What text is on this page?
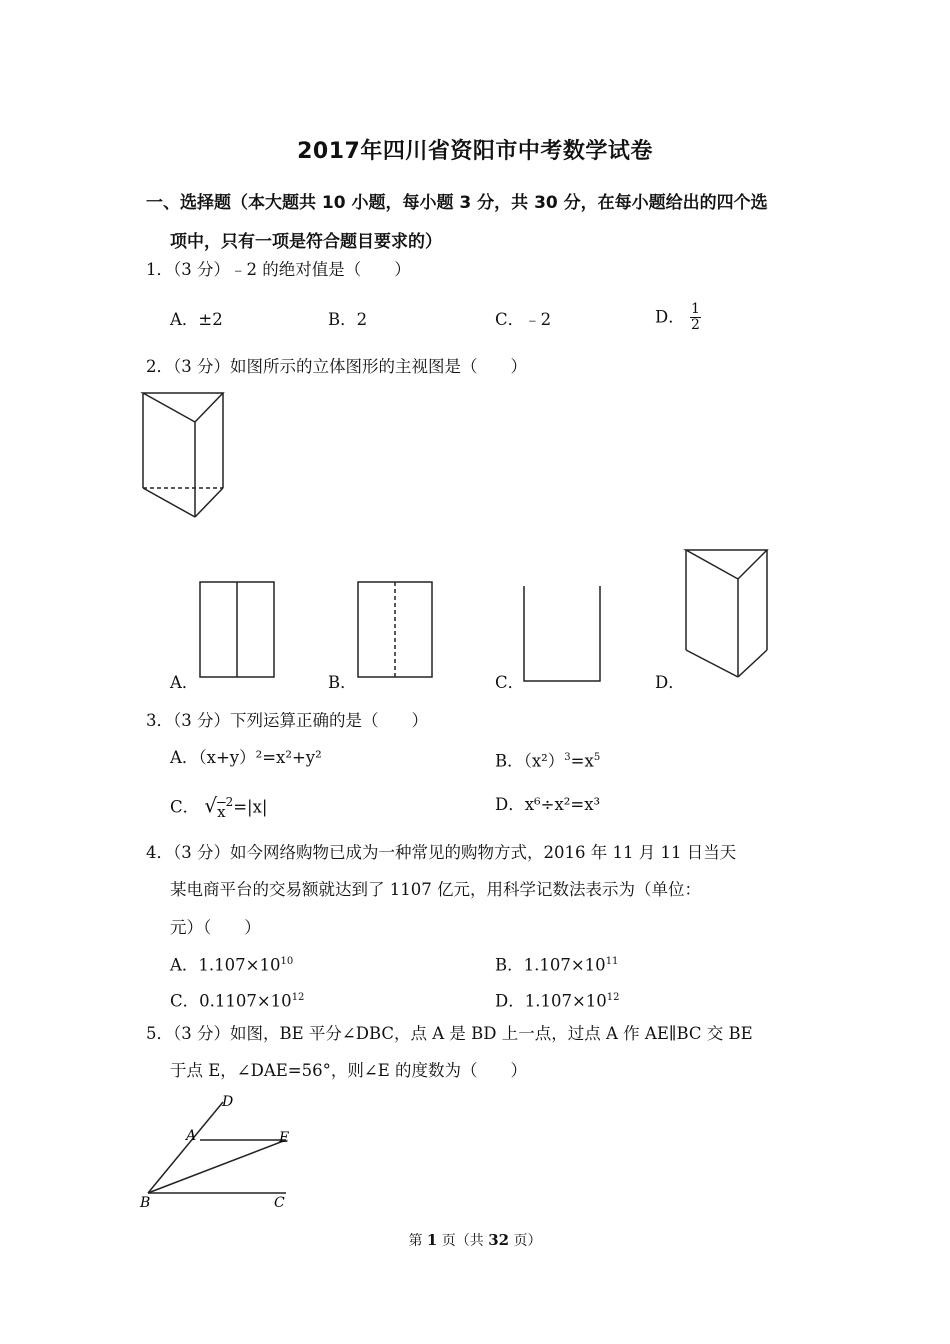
2017年四川省资阳市中考数学试卷
一、选择题（本大题共 10 小题，每小题 3 分，共 30 分，在每小题给出的四个选
项中，只有一项是符合题目要求的）
1．（3 分）﹣2 的绝对值是（　　）
A．±2	B．2	C．﹣2	D． $\frac{1}{2}$
2．（3 分）如图所示的立体图形的主视图是（　　）
A．	B．	C．	D．
3．（3 分）下列运算正确的是（　　）
A．（x+y）²=x²+y²	B．$(x^2)^3=x^5$
C． $√x^2=|x|$	D．x⁶÷x²=x³
4．（3 分）如今网络购物已成为一种常见的购物方式，2016 年 11 月 11 日当天
某电商平台的交易额就达到了 1107 亿元，用科学记数法表示为（单位：
元）（　　）
A．$1.107\times 10^{10}$	B．$1.107\times 10^{11}$
C．$0.1107\times 10^{12}$	D．$1.107\times 10^{12}$
5．（3 分）如图，BE 平分∠DBC，点 A 是 BD 上一点，过点 A 作 AE∥BC 交 BE
于点 E，∠DAE=56°，则∠E 的度数为（　　）
D
A	E
B	C
第 1 页（共 32 页）
